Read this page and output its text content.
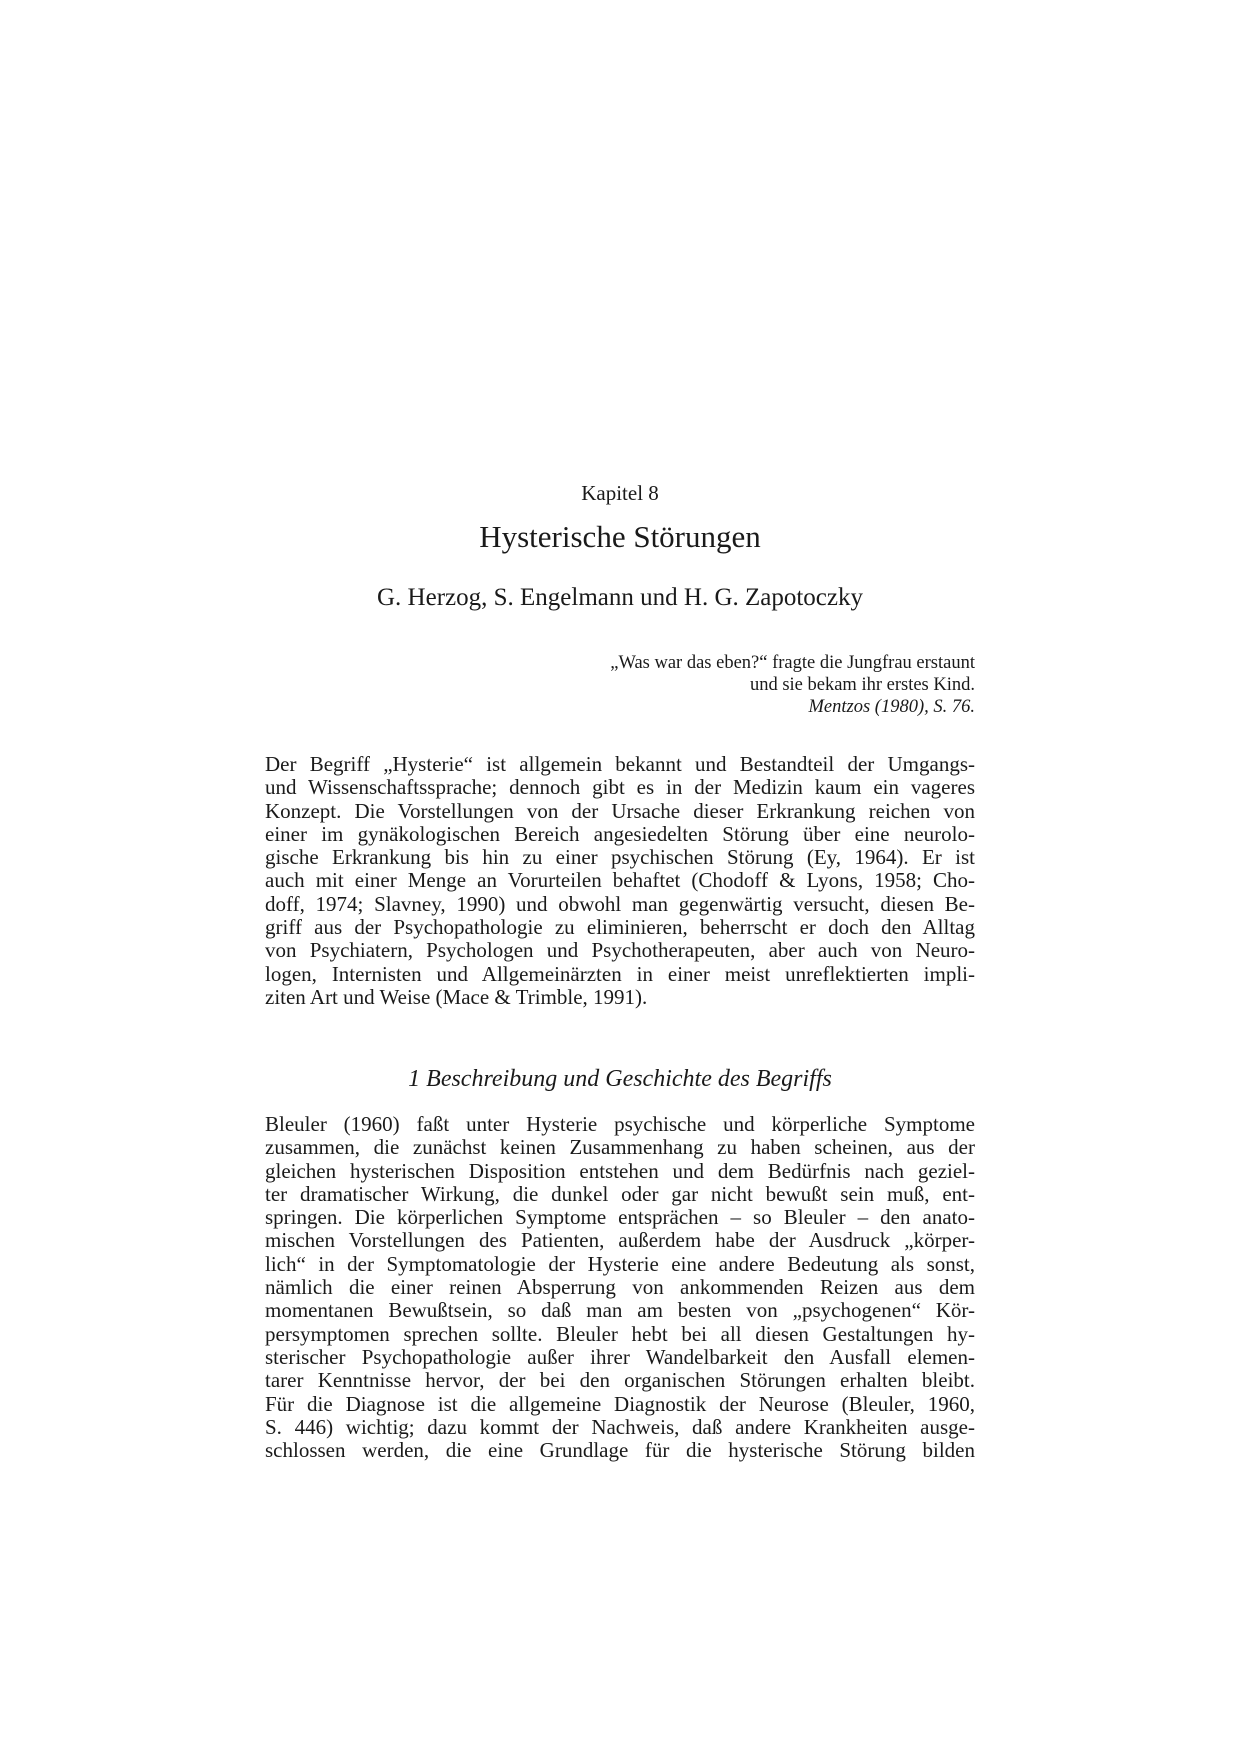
Kapitel 8
Hysterische Störungen
G. Herzog, S. Engelmann und H. G. Zapotoczky
„Was war das eben?“ fragte die Jungfrau erstaunt
und sie bekam ihr erstes Kind.
Mentzos (1980), S. 76.

Der Begriff „Hysterie“ ist allgemein bekannt und Bestandteil der Umgangs-
und Wissenschaftssprache; dennoch gibt es in der Medizin kaum ein vageres
Konzept. Die Vorstellungen von der Ursache dieser Erkrankung reichen von
einer im gynäkologischen Bereich angesiedelten Störung über eine neurolo-
gische Erkrankung bis hin zu einer psychischen Störung (Ey, 1964). Er ist
auch mit einer Menge an Vorurteilen behaftet (Chodoff & Lyons, 1958; Cho-
doff, 1974; Slavney, 1990) und obwohl man gegenwärtig versucht, diesen Be-
griff aus der Psychopathologie zu eliminieren, beherrscht er doch den Alltag
von Psychiatern, Psychologen und Psychotherapeuten, aber auch von Neuro-
logen, Internisten und Allgemeinärzten in einer meist unreflektierten impli-
ziten Art und Weise (Mace & Trimble, 1991).

1 Beschreibung und Geschichte des Begriffs

Bleuler (1960) faßt unter Hysterie psychische und körperliche Symptome
zusammen, die zunächst keinen Zusammenhang zu haben scheinen, aus der
gleichen hysterischen Disposition entstehen und dem Bedürfnis nach geziel-
ter dramatischer Wirkung, die dunkel oder gar nicht bewußt sein muß, ent-
springen. Die körperlichen Symptome entsprächen – so Bleuler – den anato-
mischen Vorstellungen des Patienten, außerdem habe der Ausdruck „körper-
lich“ in der Symptomatologie der Hysterie eine andere Bedeutung als sonst,
nämlich die einer reinen Absperrung von ankommenden Reizen aus dem
momentanen Bewußtsein, so daß man am besten von „psychogenen“ Kör-
persymptomen sprechen sollte. Bleuler hebt bei all diesen Gestaltungen hy-
sterischer Psychopathologie außer ihrer Wandelbarkeit den Ausfall elemen-
tarer Kenntnisse hervor, der bei den organischen Störungen erhalten bleibt.
Für die Diagnose ist die allgemeine Diagnostik der Neurose (Bleuler, 1960,
S. 446) wichtig; dazu kommt der Nachweis, daß andere Krankheiten ausge-
schlossen werden, die eine Grundlage für die hysterische Störung bilden
